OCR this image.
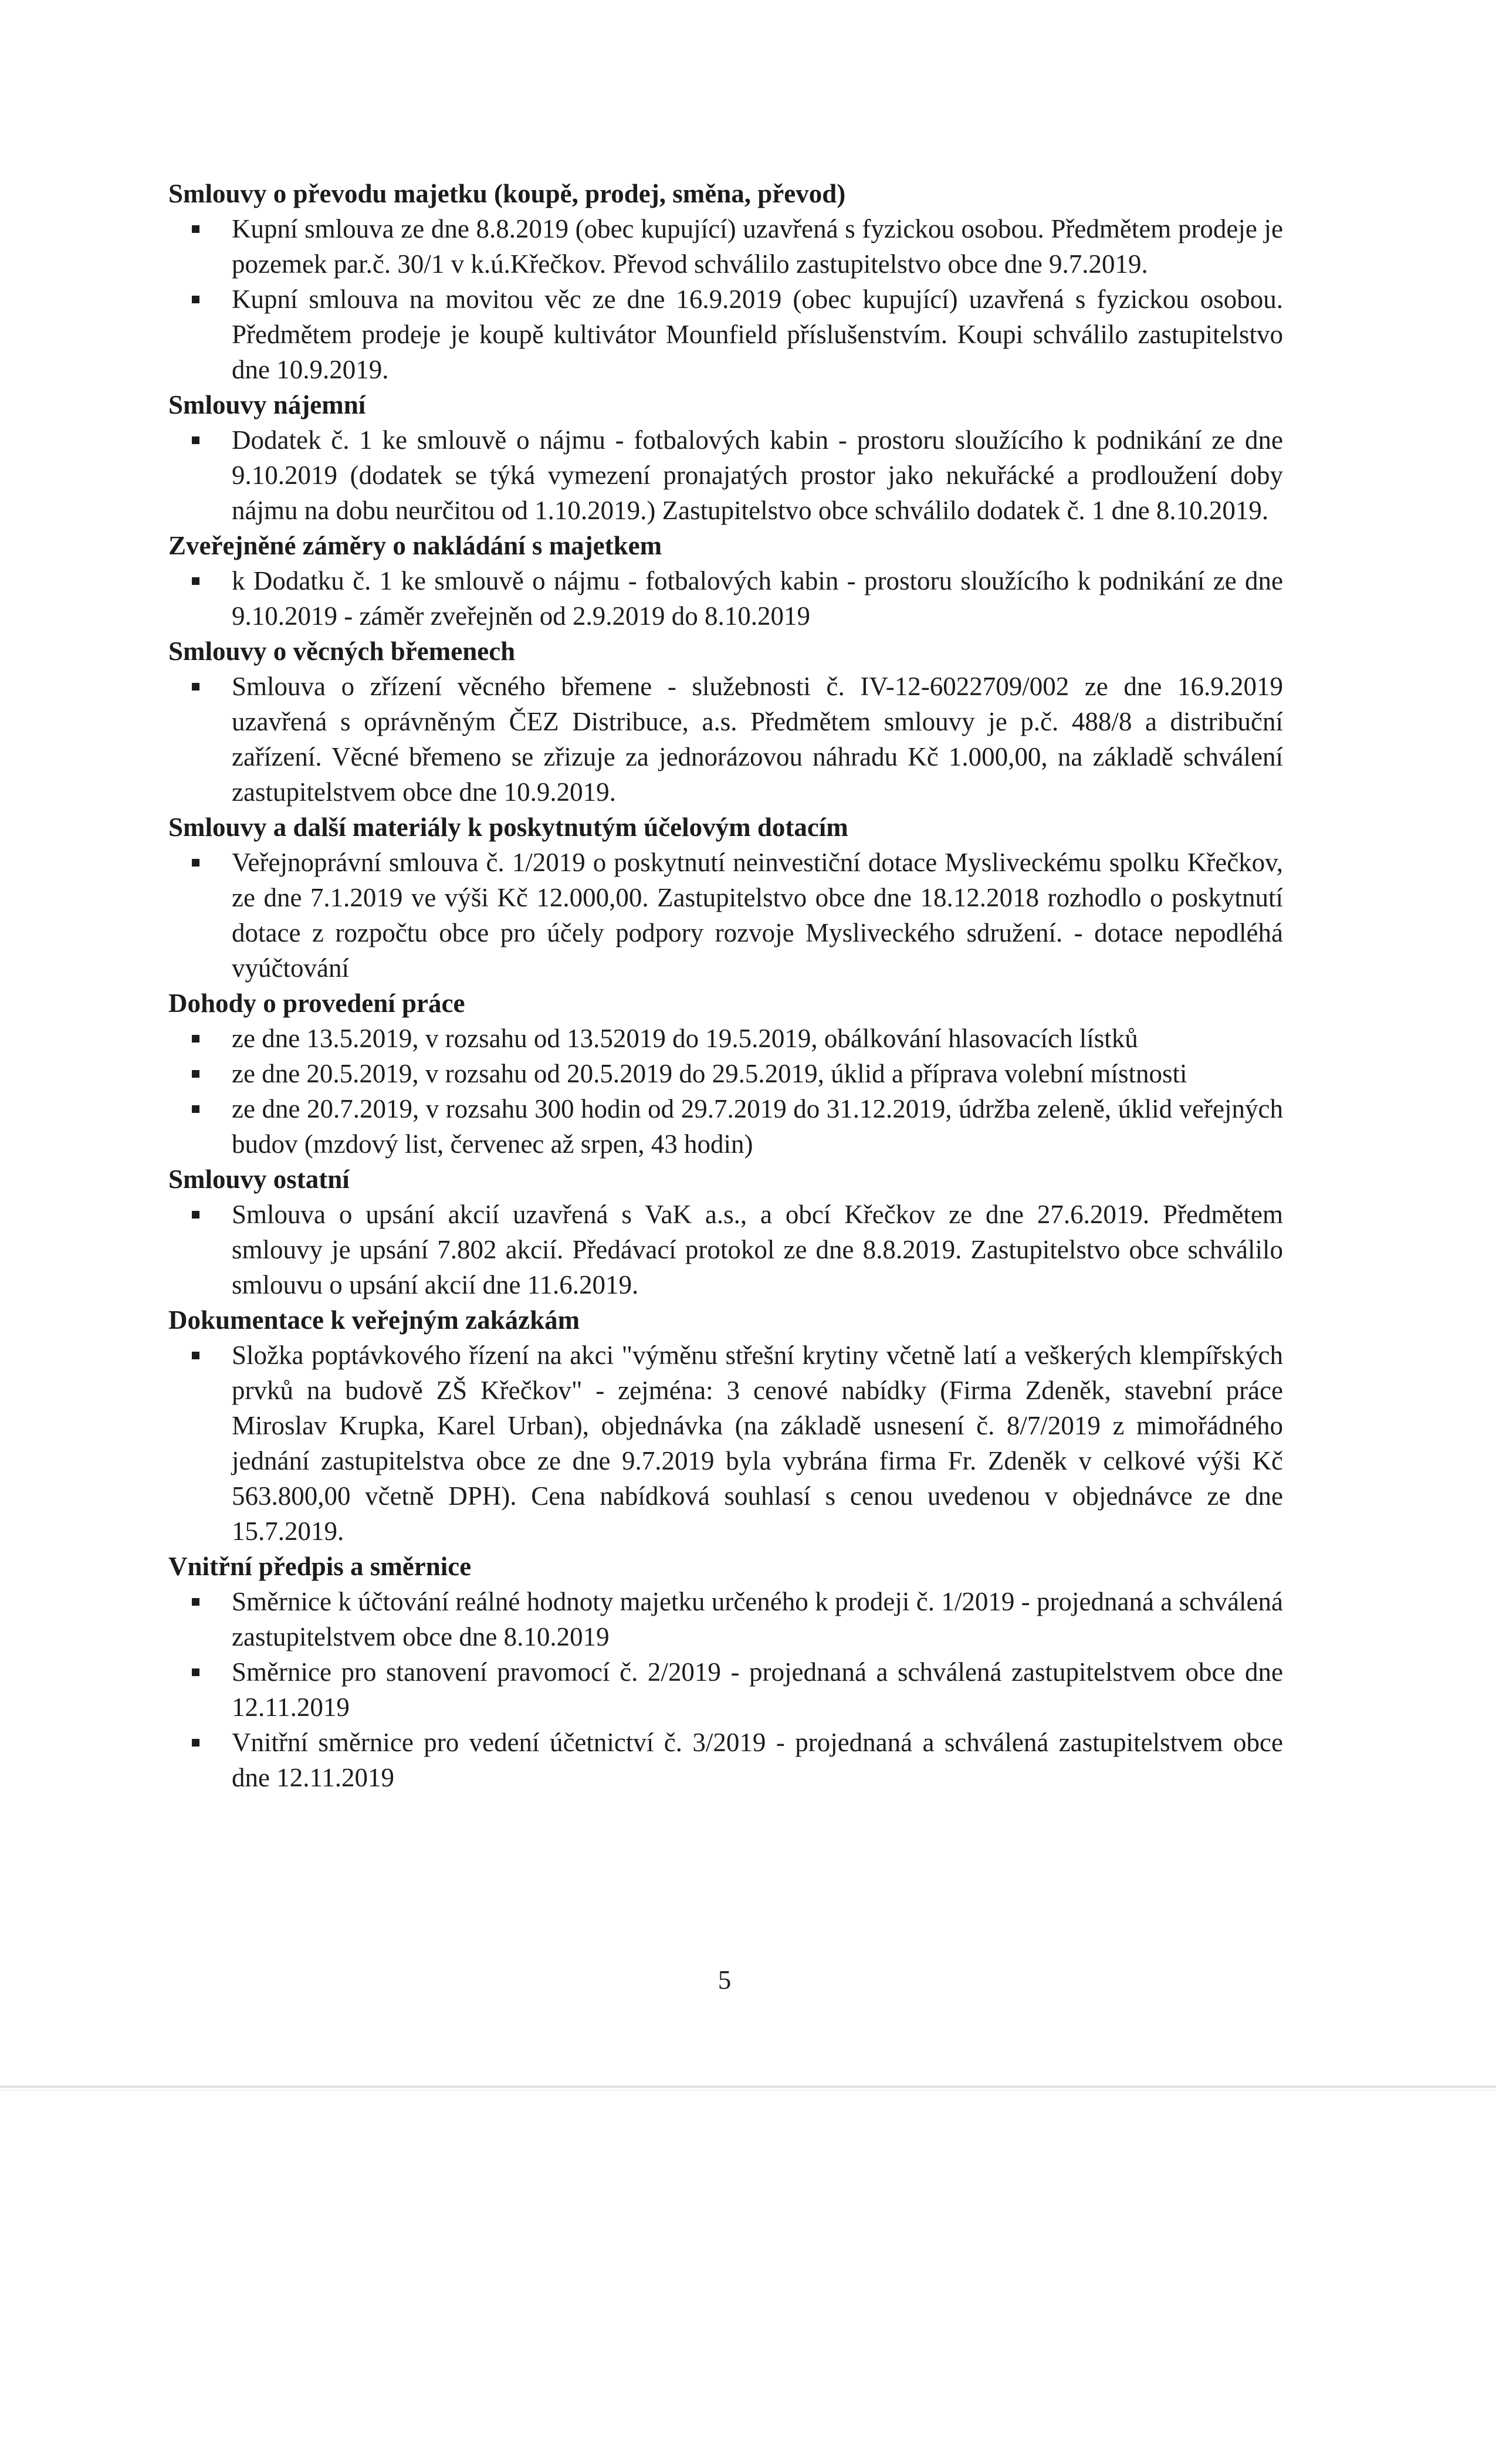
Smlouvy o převodu majetku (koupě, prodej, směna, převod)
Kupní smlouva ze dne 8.8.2019 (obec kupující) uzavřená s fyzickou osobou. Předmětem prodeje je pozemek par.č. 30/1 v k.ú.Křečkov. Převod schválilo zastupitelstvo obce dne 9.7.2019.
Kupní smlouva na movitou věc ze dne 16.9.2019 (obec kupující) uzavřená s fyzickou osobou. Předmětem prodeje je koupě kultivátor Mounfield příslušenstvím. Koupi schválilo zastupitelstvo dne 10.9.2019.
Smlouvy nájemní
Dodatek č. 1 ke smlouvě o nájmu - fotbalových kabin - prostoru sloužícího k podnikání ze dne 9.10.2019 (dodatek se týká vymezení pronajatých prostor jako nekuřácké a prodloužení doby nájmu na dobu neurčitou od 1.10.2019.) Zastupitelstvo obce schválilo dodatek č. 1 dne 8.10.2019.
Zveřejněné záměry o nakládání s majetkem
k Dodatku č. 1 ke smlouvě o nájmu - fotbalových kabin - prostoru sloužícího k podnikání ze dne 9.10.2019 - záměr zveřejněn od 2.9.2019 do 8.10.2019
Smlouvy o věcných břemenech
Smlouva o zřízení věcného břemene - služebnosti č. IV-12-6022709/002 ze dne 16.9.2019 uzavřená s oprávněným ČEZ Distribuce, a.s. Předmětem smlouvy je p.č. 488/8 a distribuční zařízení. Věcné břemeno se zřizuje za jednorázovou náhradu Kč 1.000,00, na základě schválení zastupitelstvem obce dne 10.9.2019.
Smlouvy a další materiály k poskytnutým účelovým dotacím
Veřejnoprávní smlouva č. 1/2019 o poskytnutí neinvestiční dotace Mysliveckému spolku Křečkov, ze dne 7.1.2019 ve výši Kč 12.000,00. Zastupitelstvo obce dne 18.12.2018 rozhodlo o poskytnutí dotace z rozpočtu obce pro účely podpory rozvoje Mysliveckého sdružení. - dotace nepodléhá vyúčtování
Dohody o provedení práce
ze dne 13.5.2019, v rozsahu od 13.52019 do 19.5.2019, obálkování hlasovacích lístků
ze dne 20.5.2019, v rozsahu od 20.5.2019 do 29.5.2019, úklid a příprava volební místnosti
ze dne 20.7.2019, v rozsahu 300 hodin od 29.7.2019 do 31.12.2019, údržba zeleně, úklid veřejných budov (mzdový list, červenec až srpen, 43 hodin)
Smlouvy ostatní
Smlouva o upsání akcií uzavřená s VaK a.s., a obcí Křečkov ze dne 27.6.2019. Předmětem smlouvy je upsání 7.802 akcií. Předávací protokol ze dne 8.8.2019. Zastupitelstvo obce schválilo smlouvu o upsání akcií dne 11.6.2019.
Dokumentace k veřejným zakázkám
Složka poptávkového řízení na akci "výměnu střešní krytiny včetně latí a veškerých klempířských prvků na budově ZŠ Křečkov" - zejména: 3 cenové nabídky (Firma Zdeněk, stavební práce Miroslav Krupka, Karel Urban), objednávka (na základě usnesení č. 8/7/2019 z mimořádného jednání zastupitelstva obce ze dne 9.7.2019 byla vybrána firma Fr. Zdeněk v celkové výši Kč 563.800,00 včetně DPH). Cena nabídková souhlasí s cenou uvedenou v objednávce ze dne 15.7.2019.
Vnitřní předpis a směrnice
Směrnice k účtování reálné hodnoty majetku určeného k prodeji č. 1/2019 - projednaná a schválená zastupitelstvem obce dne 8.10.2019
Směrnice pro stanovení pravomocí č. 2/2019 - projednaná a schválená zastupitelstvem obce dne 12.11.2019
Vnitřní směrnice pro vedení účetnictví č. 3/2019 - projednaná a schválená zastupitelstvem obce dne 12.11.2019
5
